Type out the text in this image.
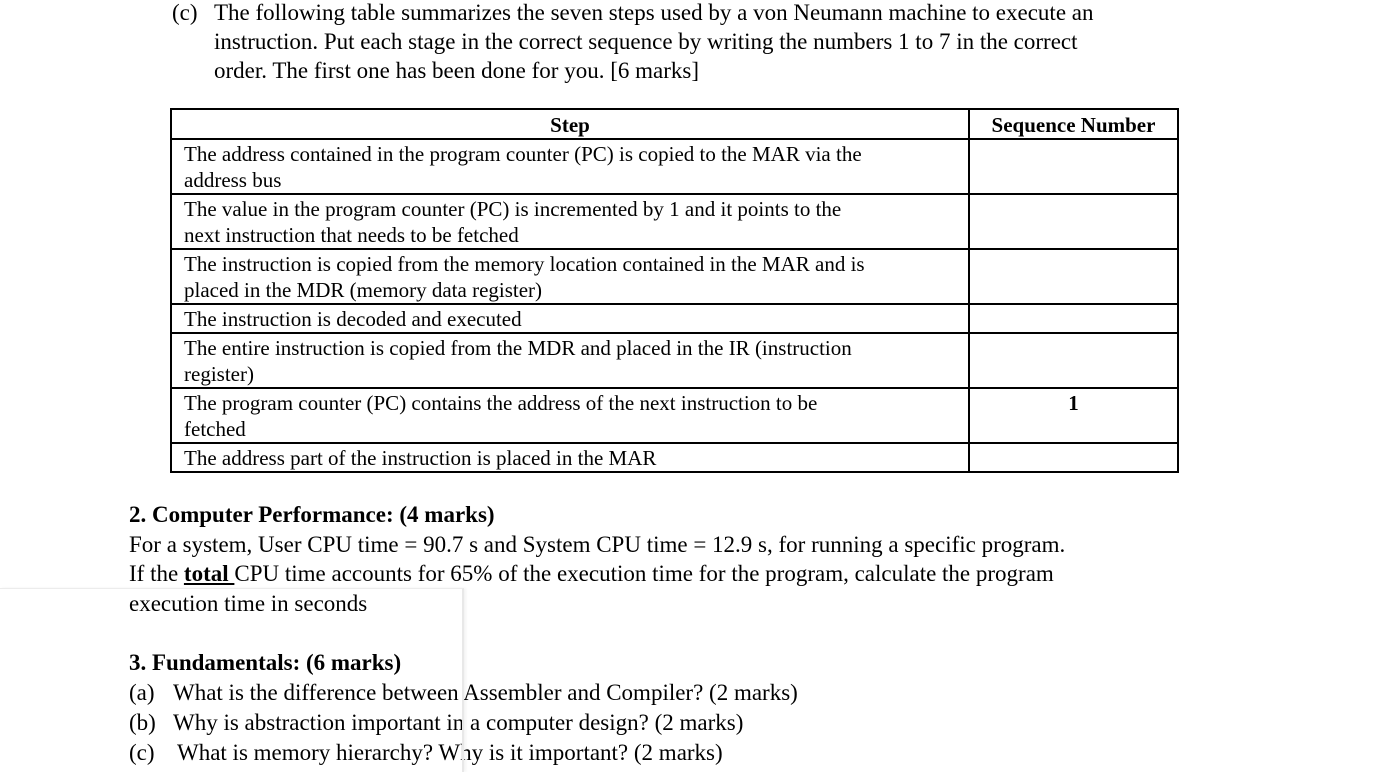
(c) The following table summarizes the seven steps used by a von Neumann machine to execute an
instruction. Put each stage in the correct sequence by writing the numbers 1 to 7 in the correct
order. The first one has been done for you. [6 marks]
Step	Sequence Number

The address contained in the program counter (PC) is copied to the MAR via the
address bus	

The value in the program counter (PC) is incremented by 1 and it points to the
next instruction that needs to be fetched	

The instruction is copied from the memory location contained in the MAR and is
placed in the MDR (memory data register)	

The instruction is decoded and executed	

The entire instruction is copied from the MDR and placed in the IR (instruction
register)	

The program counter (PC) contains the address of the next instruction to be
fetched	1

The address part of the instruction is placed in the MAR	

2. Computer Performance: (4 marks)
For a system, User CPU time = 90.7 s and System CPU time = 12.9 s, for running a specific program.
If the total CPU time accounts for 65% of the execution time for the program, calculate the program
execution time in seconds
3. Fundamentals: (6 marks)
(a) What is the difference between Assembler and Compiler? (2 marks)
(b) Why is abstraction important in a computer design? (2 marks)
(c) What is memory hierarchy? Why is it important? (2 marks)
